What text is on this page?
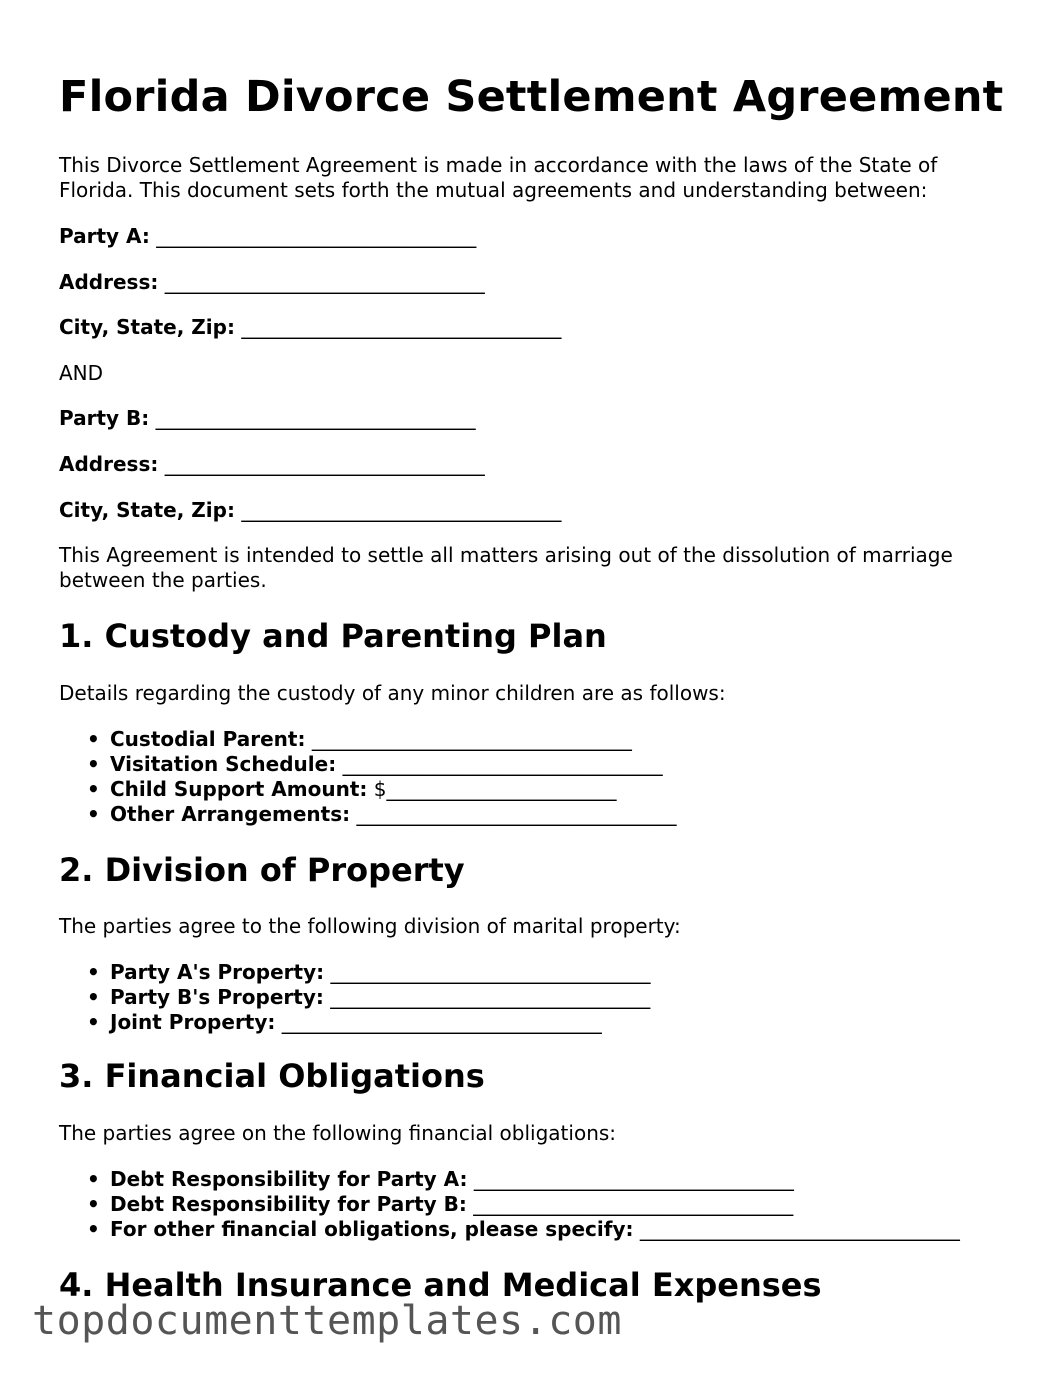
Florida Divorce Settlement Agreement

This Divorce Settlement Agreement is made in accordance with the laws of the State of

Florida. This document sets forth the mutual agreements and understanding between:

Party A: ________________________________
Address: ________________________________
City, State, Zip: ________________________________

AND

Party B: ________________________________
Address: ________________________________
City, State, Zip: ________________________________

This Agreement is intended to settle all matters arising out of the dissolution of marriage

between the parties.

1. Custody and Parenting Plan

Details regarding the custody of any minor children are as follows:

• Custodial Parent: ________________________________
• Visitation Schedule: ________________________________
• Child Support Amount: $_______________________
• Other Arrangements: ________________________________
2. Division of Property

The parties agree to the following division of marital property:

• Party A's Property: ________________________________
• Party B's Property: ________________________________
• Joint Property: ________________________________
3. Financial Obligations

The parties agree on the following financial obligations:

• Debt Responsibility for Party A: ________________________________
• Debt Responsibility for Party B: ________________________________
• For other financial obligations, please specify: ________________________________
4. Health Insurance and Medical Expenses
topdocumenttemplates.com
